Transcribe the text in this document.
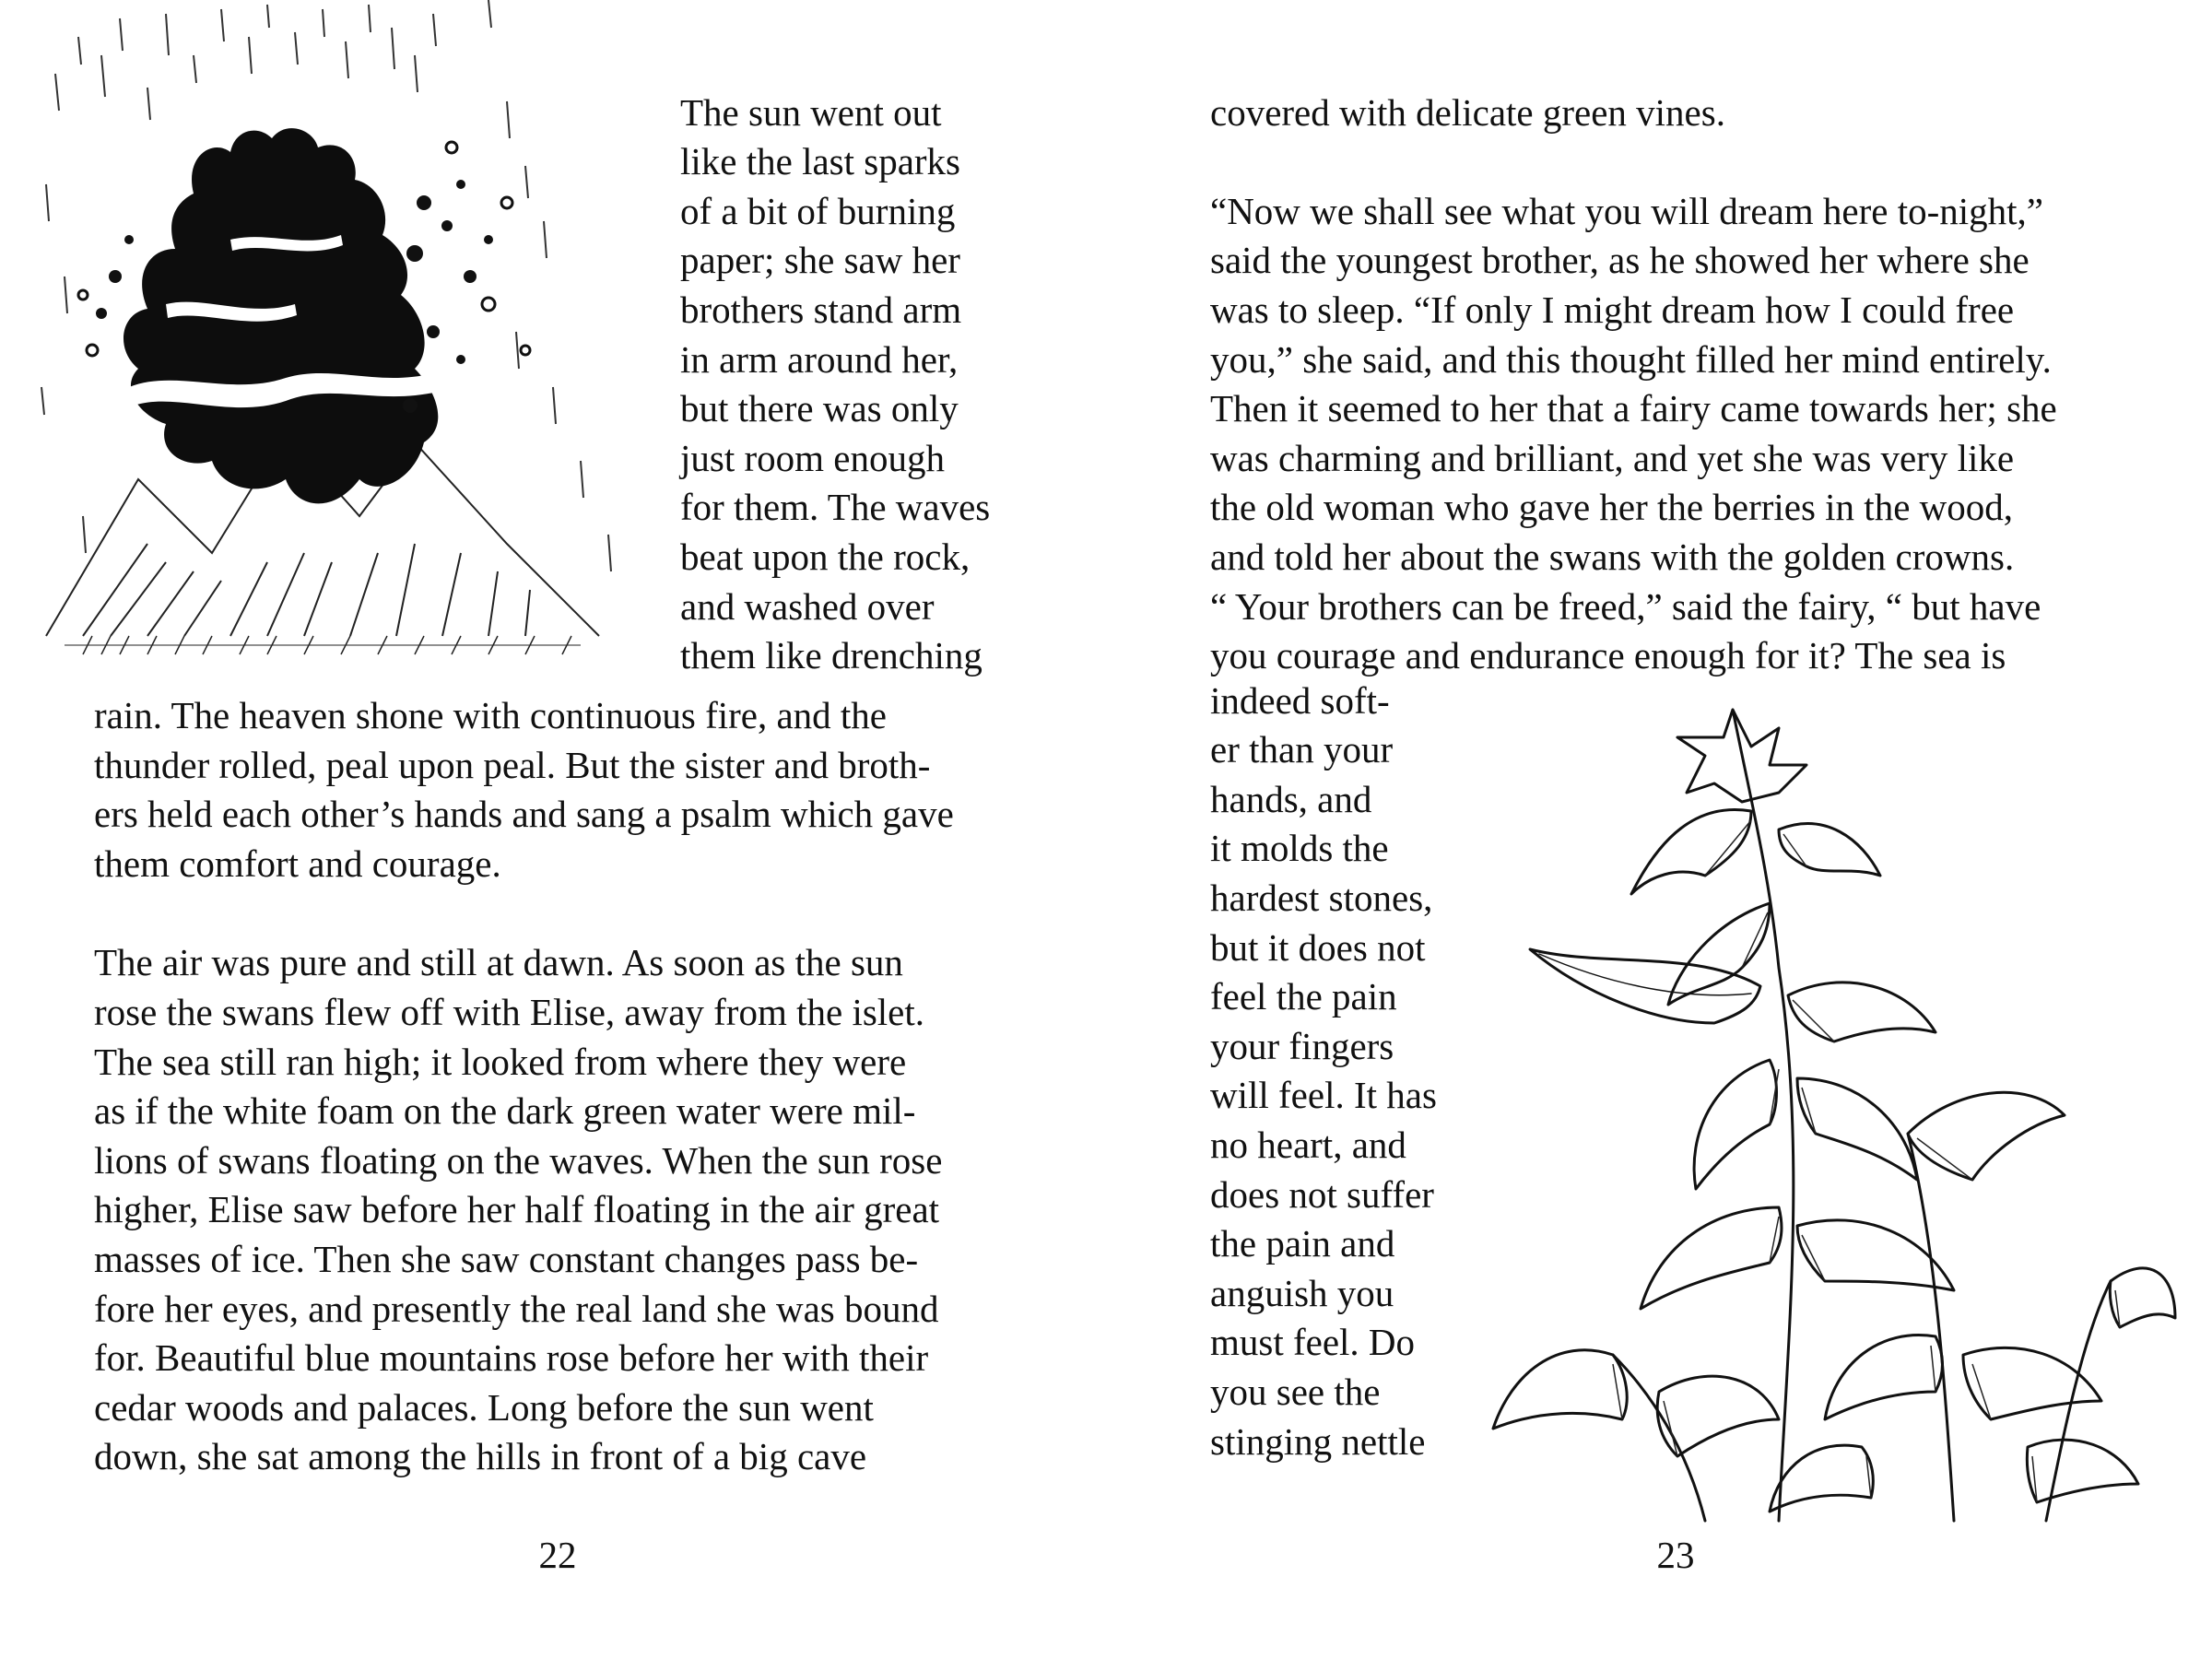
The sun went out
like the last sparks
of a bit of burning
paper; she saw her
brothers stand arm
in arm around her,
but there was only
just room enough
for them. The waves
beat upon the rock,
and washed over
them like drenching
rain. The heaven shone with continuous fire, and the
thunder rolled, peal upon peal. But the sister and broth-
ers held each other’s hands and sang a psalm which gave
them comfort and courage.
The air was pure and still at dawn. As soon as the sun
rose the swans flew off with Elise, away from the islet.
The sea still ran high; it looked from where they were
as if the white foam on the dark green water were mil-
lions of swans floating on the waves. When the sun rose
higher, Elise saw before her half floating in the air great
masses of ice. Then she saw constant changes pass be-
fore her eyes, and presently the real land she was bound
for. Beautiful blue mountains rose before her with their
cedar woods and palaces. Long before the sun went
down, she sat among the hills in front of a big cave
22
covered with delicate green vines.
“Now we shall see what you will dream here to-night,”
said the youngest brother, as he showed her where she
was to sleep. “If only I might dream how I could free
you,” she said, and this thought filled her mind entirely.
Then it seemed to her that a fairy came towards her; she
was charming and brilliant, and yet she was very like
the old woman who gave her the berries in the wood,
and told her about the swans with the golden crowns.
“ Your brothers can be freed,” said the fairy, “ but have
you courage and endurance enough for it? The sea is
indeed soft-
er than your
hands, and
it molds the
hardest stones,
but it does not
feel the pain
your fingers
will feel. It has
no heart, and
does not suffer
the pain and
anguish you
must feel. Do
you see the
stinging nettle
23
